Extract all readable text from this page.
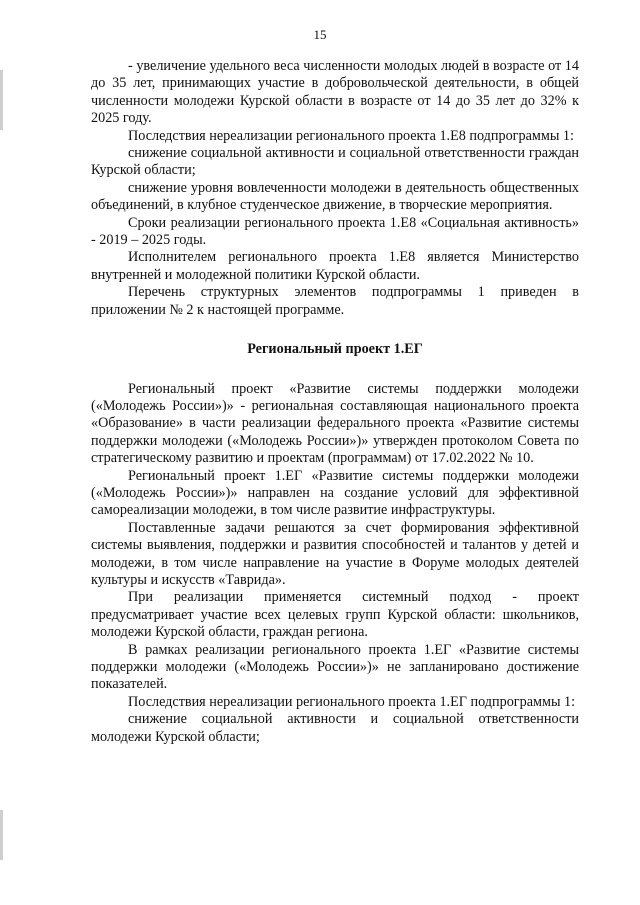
15

- увеличение удельного веса численности молодых людей в возрасте от 14 до 35 лет, принимающих участие в добровольческой деятельности, в общей численности молодежи Курской области в возрасте от 14 до 35 лет до 32% к 2025 году.

Последствия нереализации регионального проекта 1.Е8 подпрограммы 1:

снижение социальной активности и социальной ответственности граждан Курской области;

снижение уровня вовлеченности молодежи в деятельность общественных объединений, в клубное студенческое движение, в творческие мероприятия.

Сроки реализации регионального проекта 1.Е8 «Социальная активность» - 2019 – 2025 годы.

Исполнителем регионального проекта 1.Е8 является Министерство внутренней и молодежной политики Курской области.

Перечень структурных элементов подпрограммы 1 приведен в приложении № 2 к настоящей программе.

Региональный проект 1.ЕГ

Региональный проект «Развитие системы поддержки молодежи («Молодежь России»)» - региональная составляющая национального проекта «Образование» в части реализации федерального проекта «Развитие системы поддержки молодежи («Молодежь России»)» утвержден протоколом Совета по стратегическому развитию и проектам (программам) от 17.02.2022 № 10.

Региональный проект 1.ЕГ «Развитие системы поддержки молодежи («Молодежь России»)» направлен на создание условий для эффективной самореализации молодежи, в том числе развитие инфраструктуры.

Поставленные задачи решаются за счет формирования эффективной системы выявления, поддержки и развития способностей и талантов у детей и молодежи, в том числе направление на участие в Форуме молодых деятелей культуры и искусств «Таврида».

При реализации применяется системный подход - проект предусматривает участие всех целевых групп Курской области: школьников, молодежи Курской области, граждан региона.

В рамках реализации регионального проекта 1.ЕГ «Развитие системы поддержки молодежи («Молодежь России»)» не запланировано достижение показателей.

Последствия нереализации регионального проекта 1.ЕГ подпрограммы 1:

снижение социальной активности и социальной ответственности молодежи Курской области;
